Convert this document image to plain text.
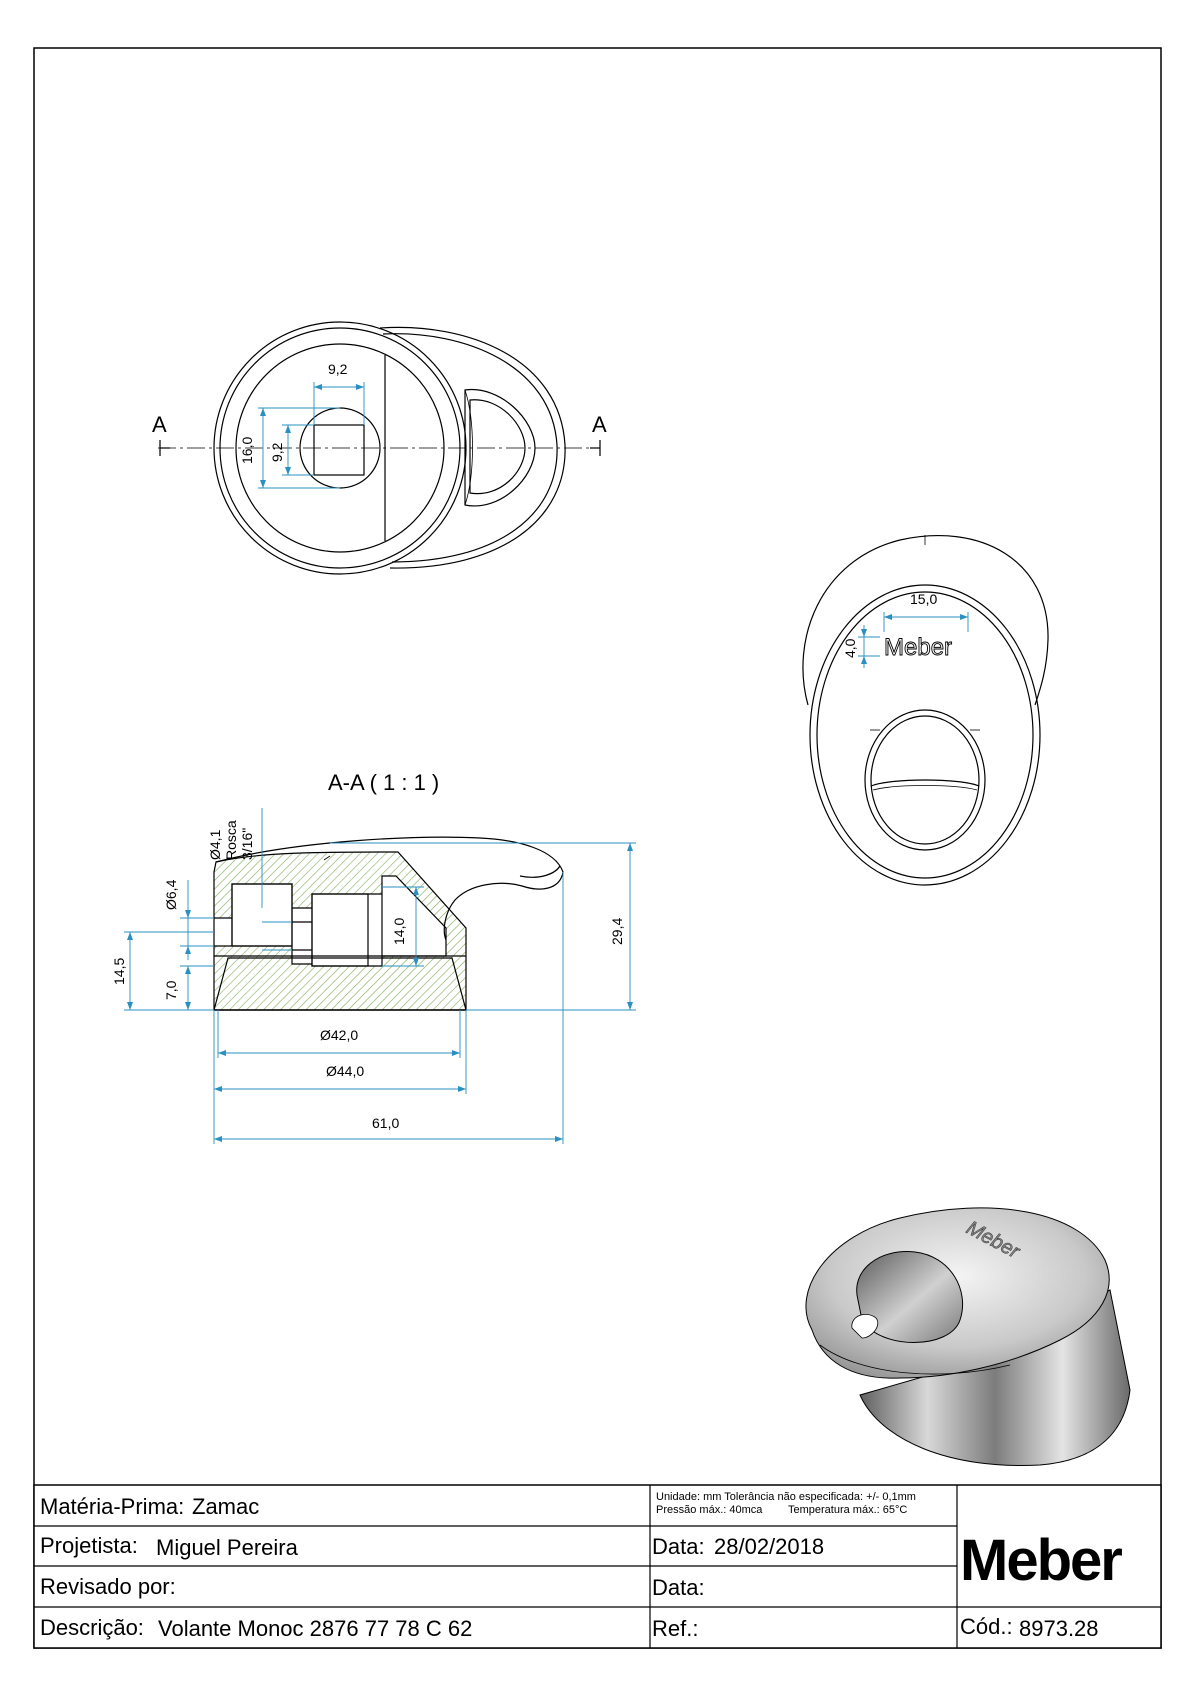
A	A
9,2
9,2
16,0
Meber
15,0
4,0
A-A ( 1 : 1 )
Ø4,1 Rosca 3/16"
Ø6,4
14,5
7,0
14,0	29,4
Ø42,0
Ø44,0
61,0
Meber
Matéria-Prima: Zamac
Projetista: Miguel Pereira
Revisado por:
Descrição: Volante Monoc 2876 77 78 C 62
Unidade: mm Tolerância não especificada: +/- 0,1mm
Pressão máx.: 40mca Temperatura máx.: 65°C
Data: 28/02/2018
Data:
Ref.:
Meber
Cód.: 8973.28
